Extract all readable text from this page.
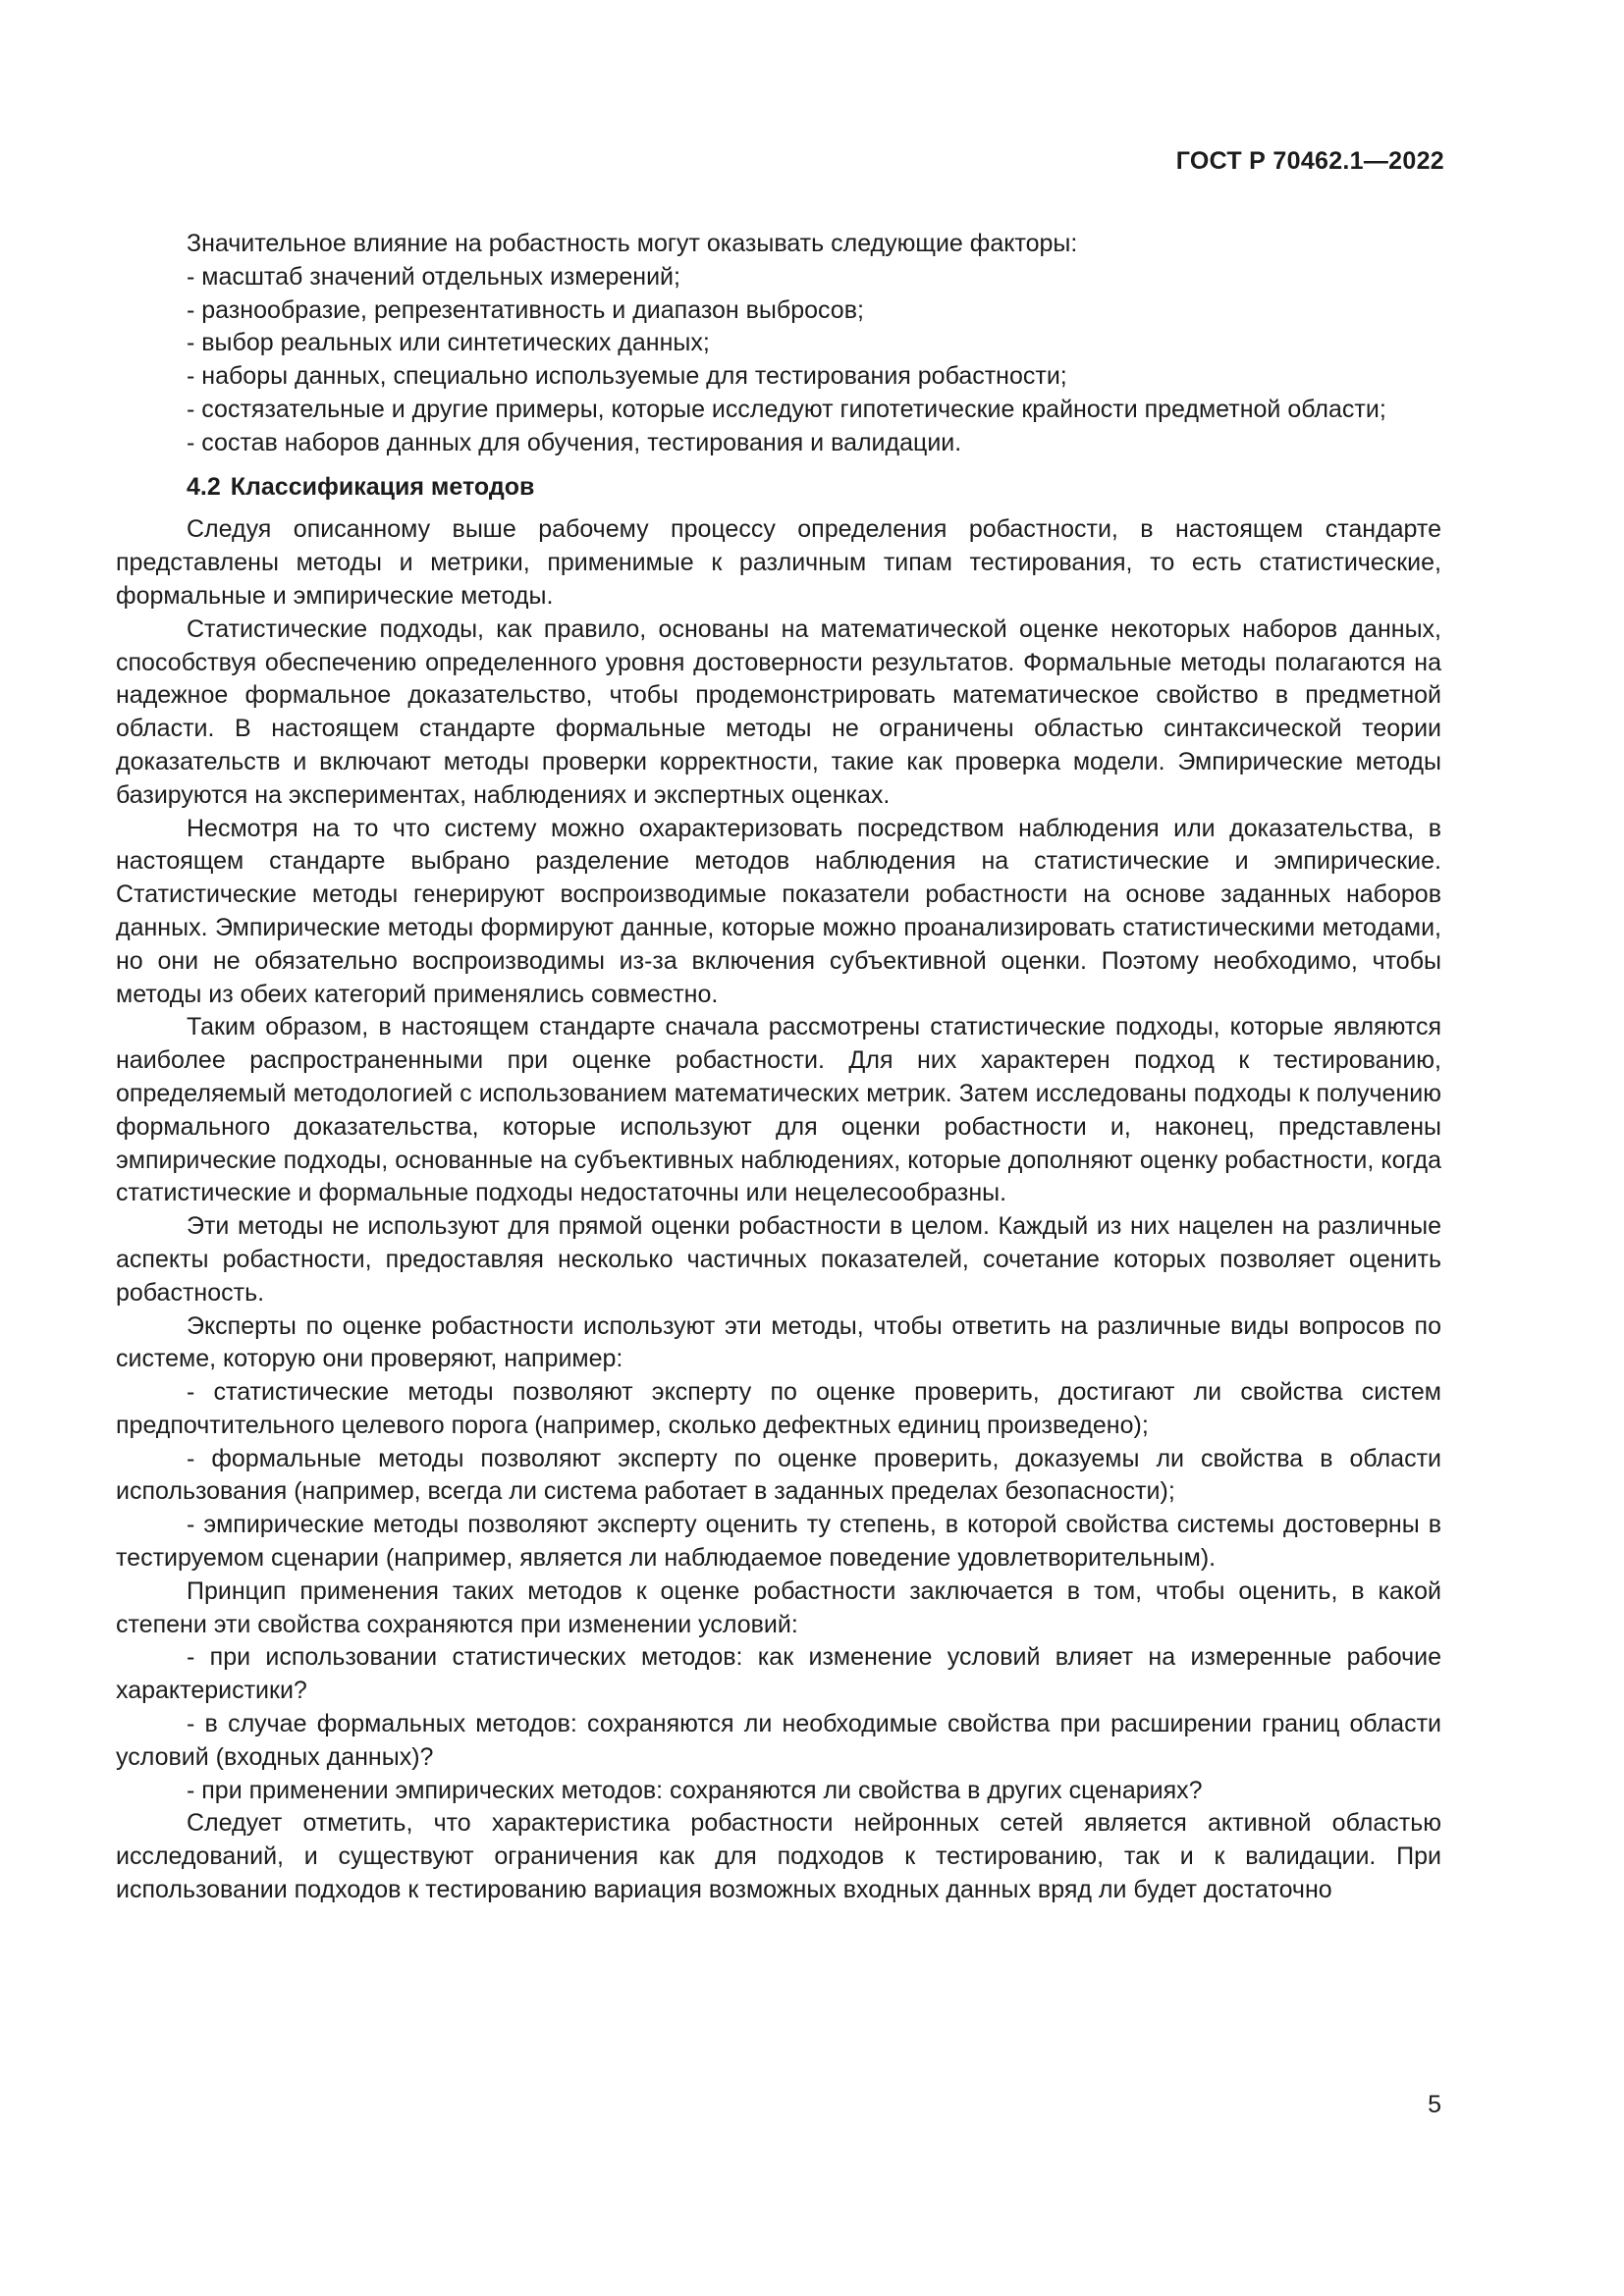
ГОСТ Р 70462.1—2022

Значительное влияние на робастность могут оказывать следующие факторы:

- масштаб значений отдельных измерений;

- разнообразие, репрезентативность и диапазон выбросов;

- выбор реальных или синтетических данных;

- наборы данных, специально используемые для тестирования робастности;

- состязательные и другие примеры, которые исследуют гипотетические крайности предметной области;

- состав наборов данных для обучения, тестирования и валидации.

4.2 Классификация методов

Следуя описанному выше рабочему процессу определения робастности, в настоящем стандарте представлены методы и метрики, применимые к различным типам тестирования, то есть статистические, формальные и эмпирические методы.

Статистические подходы, как правило, основаны на математической оценке некоторых наборов данных, способствуя обеспечению определенного уровня достоверности результатов. Формальные методы полагаются на надежное формальное доказательство, чтобы продемонстрировать математическое свойство в предметной области. В настоящем стандарте формальные методы не ограничены областью синтаксической теории доказательств и включают методы проверки корректности, такие как проверка модели. Эмпирические методы базируются на экспериментах, наблюдениях и экспертных оценках.

Несмотря на то что систему можно охарактеризовать посредством наблюдения или доказательства, в настоящем стандарте выбрано разделение методов наблюдения на статистические и эмпирические. Статистические методы генерируют воспроизводимые показатели робастности на основе заданных наборов данных. Эмпирические методы формируют данные, которые можно проанализировать статистическими методами, но они не обязательно воспроизводимы из-за включения субъективной оценки. Поэтому необходимо, чтобы методы из обеих категорий применялись совместно.

Таким образом, в настоящем стандарте сначала рассмотрены статистические подходы, которые являются наиболее распространенными при оценке робастности. Для них характерен подход к тестированию, определяемый методологией с использованием математических метрик. Затем исследованы подходы к получению формального доказательства, которые используют для оценки робастности и, наконец, представлены эмпирические подходы, основанные на субъективных наблюдениях, которые дополняют оценку робастности, когда статистические и формальные подходы недостаточны или нецелесообразны.

Эти методы не используют для прямой оценки робастности в целом. Каждый из них нацелен на различные аспекты робастности, предоставляя несколько частичных показателей, сочетание которых позволяет оценить робастность.

Эксперты по оценке робастности используют эти методы, чтобы ответить на различные виды вопросов по системе, которую они проверяют, например:

- статистические методы позволяют эксперту по оценке проверить, достигают ли свойства систем предпочтительного целевого порога (например, сколько дефектных единиц произведено);

- формальные методы позволяют эксперту по оценке проверить, доказуемы ли свойства в области использования (например, всегда ли система работает в заданных пределах безопасности);

- эмпирические методы позволяют эксперту оценить ту степень, в которой свойства системы достоверны в тестируемом сценарии (например, является ли наблюдаемое поведение удовлетворительным).

Принцип применения таких методов к оценке робастности заключается в том, чтобы оценить, в какой степени эти свойства сохраняются при изменении условий:

- при использовании статистических методов: как изменение условий влияет на измеренные рабочие характеристики?

- в случае формальных методов: сохраняются ли необходимые свойства при расширении границ области условий (входных данных)?

- при применении эмпирических методов: сохраняются ли свойства в других сценариях?

Следует отметить, что характеристика робастности нейронных сетей является активной областью исследований, и существуют ограничения как для подходов к тестированию, так и к валидации. При использовании подходов к тестированию вариация возможных входных данных вряд ли будет достаточно

5
